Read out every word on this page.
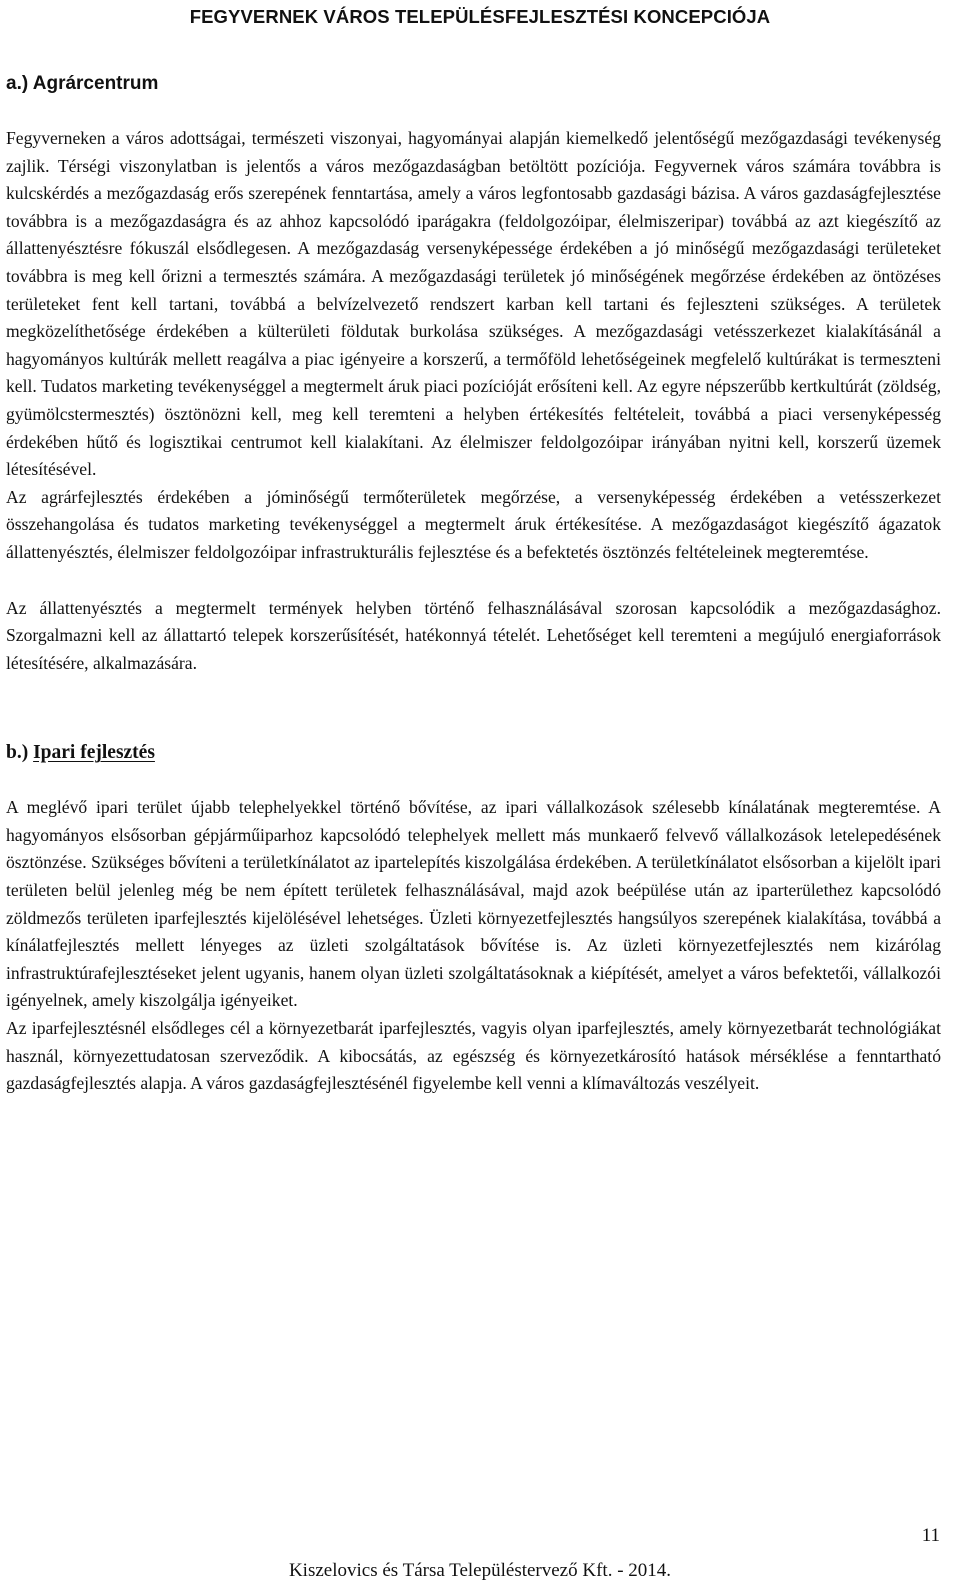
FEGYVERNEK VÁROS TELEPÜLÉSFEJLESZTÉSI KONCEPCIÓJA
a.) Agrárcentrum

Fegyverneken a város adottságai, természeti viszonyai, hagyományai alapján kiemelkedő jelentőségű mezőgazdasági tevékenység zajlik. Térségi viszonylatban is jelentős a város mezőgazdaságban betöltött pozíciója. Fegyvernek város számára továbbra is kulcskérdés a mezőgazdaság erős szerepének fenntartása, amely a város legfontosabb gazdasági bázisa. A város gazdaságfejlesztése továbbra is a mezőgazdaságra és az ahhoz kapcsolódó iparágakra (feldolgozóipar, élelmiszeripar) továbbá az azt kiegészítő az állattenyésztésre fókuszál elsődlegesen. A mezőgazdaság versenyképessége érdekében a jó minőségű mezőgazdasági területeket továbbra is meg kell őrizni a termesztés számára. A mezőgazdasági területek jó minőségének megőrzése érdekében az öntözéses területeket fent kell tartani, továbbá a belvízelvezető rendszert karban kell tartani és fejleszteni szükséges. A területek megközelíthetősége érdekében a külterületi földutak burkolása szükséges. A mezőgazdasági vetésszerkezet kialakításánál a hagyományos kultúrák mellett reagálva a piac igényeire a korszerű, a termőföld lehetőségeinek megfelelő kultúrákat is termeszteni kell. Tudatos marketing tevékenységgel a megtermelt áruk piaci pozícióját erősíteni kell. Az egyre népszerűbb kertkultúrát (zöldség, gyümölcstermesztés) ösztönözni kell, meg kell teremteni a helyben értékesítés feltételeit, továbbá a piaci versenyképesség érdekében hűtő és logisztikai centrumot kell kialakítani. Az élelmiszer feldolgozóipar irányában nyitni kell, korszerű üzemek létesítésével.

Az agrárfejlesztés érdekében a jóminőségű termőterületek megőrzése, a versenyképesség érdekében a vetésszerkezet összehangolása és tudatos marketing tevékenységgel a megtermelt áruk értékesítése. A mezőgazdaságot kiegészítő ágazatok állattenyésztés, élelmiszer feldolgozóipar infrastrukturális fejlesztése és a befektetés ösztönzés feltételeinek megteremtése.

Az állattenyésztés a megtermelt termények helyben történő felhasználásával szorosan kapcsolódik a mezőgazdasághoz. Szorgalmazni kell az állattartó telepek korszerűsítését, hatékonnyá tételét. Lehetőséget kell teremteni a megújuló energiaforrások létesítésére, alkalmazására.

b.) Ipari fejlesztés

A meglévő ipari terület újabb telephelyekkel történő bővítése, az ipari vállalkozások szélesebb kínálatának megteremtése. A hagyományos elsősorban gépjárműiparhoz kapcsolódó telephelyek mellett más munkaerő felvevő vállalkozások letelepedésének ösztönzése. Szükséges bővíteni a területkínálatot az ipartelepítés kiszolgálása érdekében. A területkínálatot elsősorban a kijelölt ipari területen belül jelenleg még be nem épített területek felhasználásával, majd azok beépülése után az iparterülethez kapcsolódó zöldmezős területen iparfejlesztés kijelölésével lehetséges. Üzleti környezetfejlesztés hangsúlyos szerepének kialakítása, továbbá a kínálatfejlesztés mellett lényeges az üzleti szolgáltatások bővítése is. Az üzleti környezetfejlesztés nem kizárólag infrastruktúrafejlesztéseket jelent ugyanis, hanem olyan üzleti szolgáltatásoknak a kiépítését, amelyet a város befektetői, vállalkozói igényelnek, amely kiszolgálja igényeiket.

Az iparfejlesztésnél elsődleges cél a környezetbarát iparfejlesztés, vagyis olyan iparfejlesztés, amely környezetbarát technológiákat használ, környezettudatosan szerveződik. A kibocsátás, az egészség és környezetkárosító hatások mérséklése a fenntartható gazdaságfejlesztés alapja. A város gazdaságfejlesztésénél figyelembe kell venni a klímaváltozás veszélyeit.

11

Kiszelovics és Társa Településtervező Kft. - 2014.
